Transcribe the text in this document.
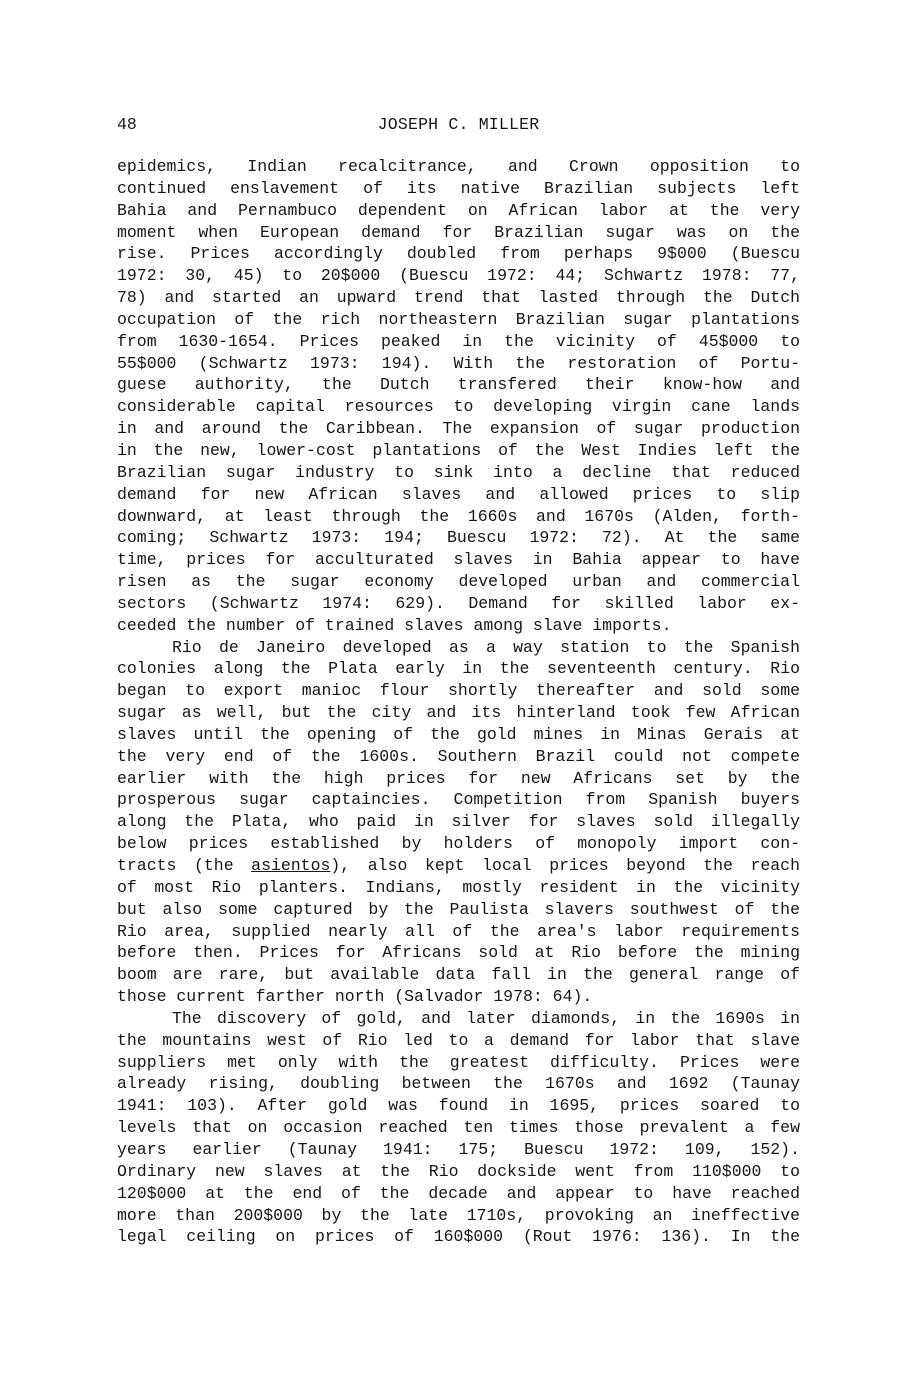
48	JOSEPH C. MILLER
epidemics, Indian recalcitrance, and Crown opposition to
continued enslavement of its native Brazilian subjects left
Bahia and Pernambuco dependent on African labor at the very
moment when European demand for Brazilian sugar was on the
rise. Prices accordingly doubled from perhaps 9$000 (Buescu
1972: 30, 45) to 20$000 (Buescu 1972: 44; Schwartz 1978: 77,
78) and started an upward trend that lasted through the Dutch
occupation of the rich northeastern Brazilian sugar plantations
from 1630-1654. Prices peaked in the vicinity of 45$000 to
55$000 (Schwartz 1973: 194). With the restoration of Portu-
guese authority, the Dutch transfered their know-how and
considerable capital resources to developing virgin cane lands
in and around the Caribbean. The expansion of sugar production
in the new, lower-cost plantations of the West Indies left the
Brazilian sugar industry to sink into a decline that reduced
demand for new African slaves and allowed prices to slip
downward, at least through the 1660s and 1670s (Alden, forth-
coming; Schwartz 1973: 194; Buescu 1972: 72). At the same
time, prices for acculturated slaves in Bahia appear to have
risen as the sugar economy developed urban and commercial
sectors (Schwartz 1974: 629). Demand for skilled labor ex-
ceeded the number of trained slaves among slave imports.
Rio de Janeiro developed as a way station to the Spanish
colonies along the Plata early in the seventeenth century. Rio
began to export manioc flour shortly thereafter and sold some
sugar as well, but the city and its hinterland took few African
slaves until the opening of the gold mines in Minas Gerais at
the very end of the 1600s. Southern Brazil could not compete
earlier with the high prices for new Africans set by the
prosperous sugar captaincies. Competition from Spanish buyers
along the Plata, who paid in silver for slaves sold illegally
below prices established by holders of monopoly import con-
tracts (the asientos), also kept local prices beyond the reach
of most Rio planters. Indians, mostly resident in the vicinity
but also some captured by the Paulista slavers southwest of the
Rio area, supplied nearly all of the area's labor requirements
before then. Prices for Africans sold at Rio before the mining
boom are rare, but available data fall in the general range of
those current farther north (Salvador 1978: 64).
The discovery of gold, and later diamonds, in the 1690s in
the mountains west of Rio led to a demand for labor that slave
suppliers met only with the greatest difficulty. Prices were
already rising, doubling between the 1670s and 1692 (Taunay
1941: 103). After gold was found in 1695, prices soared to
levels that on occasion reached ten times those prevalent a few
years earlier (Taunay 1941: 175; Buescu 1972: 109, 152).
Ordinary new slaves at the Rio dockside went from 110$000 to
120$000 at the end of the decade and appear to have reached
more than 200$000 by the late 1710s, provoking an ineffective
legal ceiling on prices of 160$000 (Rout 1976: 136). In the
